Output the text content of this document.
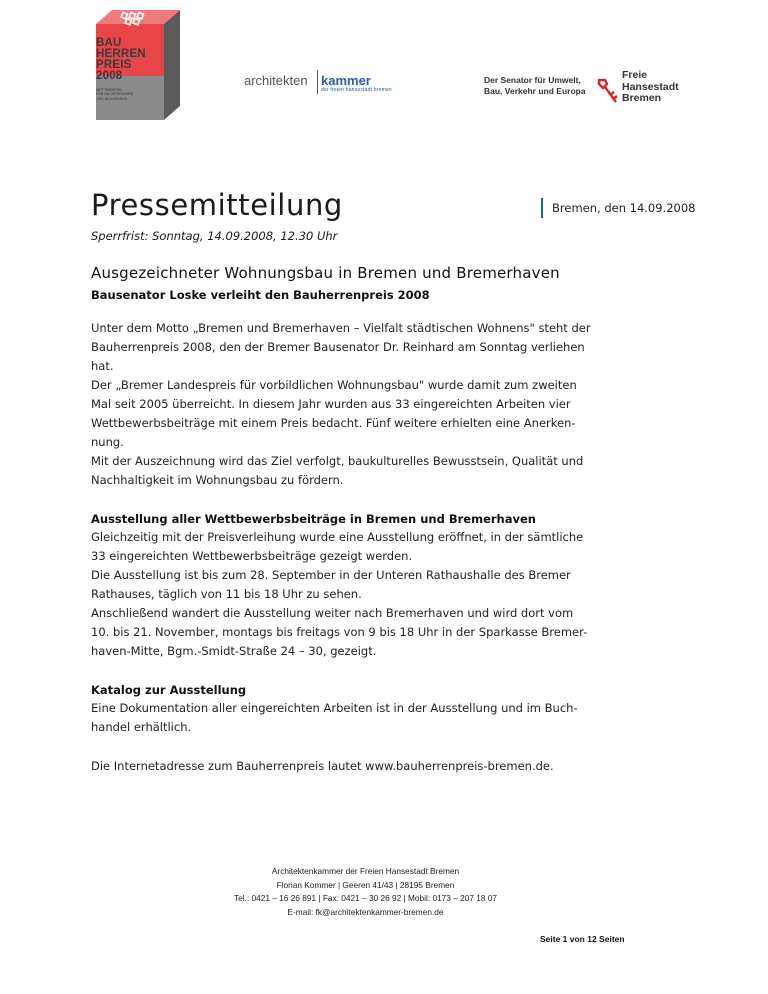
BAU
HERREN
PREIS
2008
WETTBEWERB
FÜR BAUHERRINNEN
UND BAUHERREN
architekten kammer
der freien hansestadt bremen
Der Senator für Umwelt,
Bau, Verkehr und Europa
Freie
Hansestadt
Bremen
Pressemitteilung	Bremen, den 14.09.2008
Sperrfrist: Sonntag, 14.09.2008, 12.30 Uhr
Ausgezeichneter Wohnungsbau in Bremen und Bremerhaven
Bausenator Loske verleiht den Bauherrenpreis 2008

Unter dem Motto „Bremen und Bremerhaven – Vielfalt städtischen Wohnens" steht der

Bauherrenpreis 2008, den der Bremer Bausenator Dr. Reinhard am Sonntag verliehen

hat.

Der „Bremer Landespreis für vorbildlichen Wohnungsbau" wurde damit zum zweiten

Mal seit 2005 überreicht. In diesem Jahr wurden aus 33 eingereichten Arbeiten vier

Wettbewerbsbeiträge mit einem Preis bedacht. Fünf weitere erhielten eine Anerken-

nung.

Mit der Auszeichnung wird das Ziel verfolgt, baukulturelles Bewusstsein, Qualität und

Nachhaltigkeit im Wohnungsbau zu fördern.

Ausstellung aller Wettbewerbsbeiträge in Bremen und Bremerhaven

Gleichzeitig mit der Preisverleihung wurde eine Ausstellung eröffnet, in der sämtliche

33 eingereichten Wettbewerbsbeiträge gezeigt werden.

Die Ausstellung ist bis zum 28. September in der Unteren Rathaushalle des Bremer

Rathauses, täglich von 11 bis 18 Uhr zu sehen.

Anschließend wandert die Ausstellung weiter nach Bremerhaven und wird dort vom

10. bis 21. November, montags bis freitags von 9 bis 18 Uhr in der Sparkasse Bremer-

haven-Mitte, Bgm.-Smidt-Straße 24 – 30, gezeigt.

Katalog zur Ausstellung

Eine Dokumentation aller eingereichten Arbeiten ist in der Ausstellung und im Buch-

handel erhältlich.

Die Internetadresse zum Bauherrenpreis lautet www.bauherrenpreis-bremen.de.

Architektenkammer der Freien Hansestadt Bremen
Florian Kommer | Geeren 41/43 | 28195 Bremen
Tel.: 0421 – 16 26 891 | Fax: 0421 – 30 26 92 | Mobil: 0173 – 207 18 07
E-mail: fk@architektenkammer-bremen.de
Seite 1 von 12 Seiten
